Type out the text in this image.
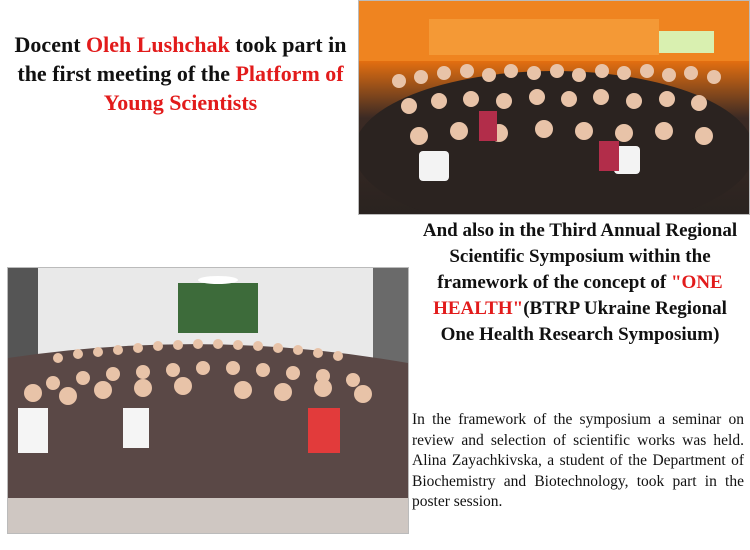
Docent Oleh Lushchak took part in the first meeting of the Platform of Young Scientists
And also in the Third Annual Regional Scientific Symposium within the framework of the concept of "ONE HEALTH"(BTRP Ukraine Regional One Health Research Symposium)
In the framework of the symposium a seminar on review and selection of scientific works was held. Alina Zayachkivska, a student of the Department of Biochemistry and Biotechnology, took part in the poster session.
